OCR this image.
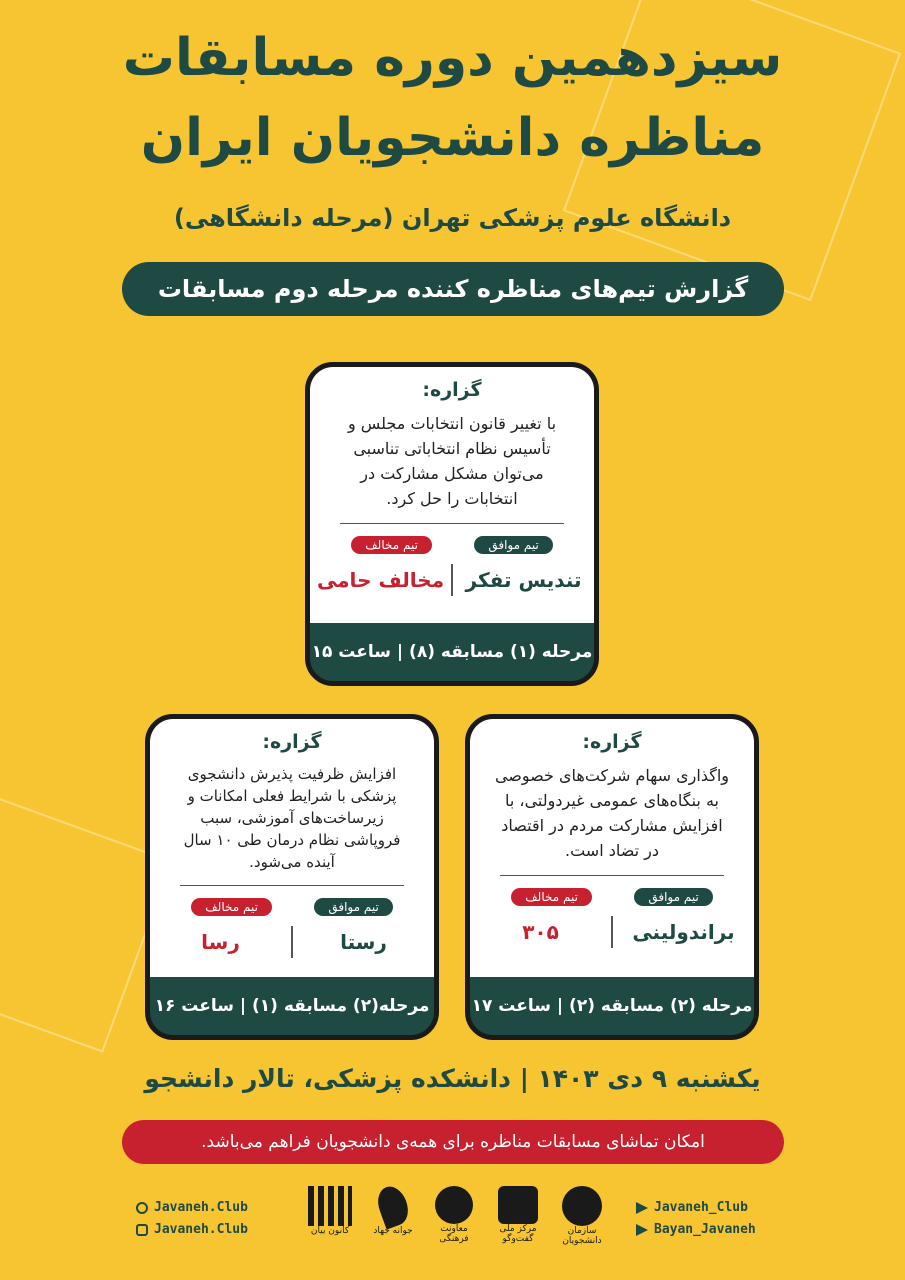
سیزدهمین دوره مسابقات
مناظره دانشجویان ایران
دانشگاه علوم پزشکی تهران (مرحله دانشگاهی)
گزارش تیم‌های مناظره کننده مرحله دوم مسابقات
گزاره:
با تغییر قانون انتخابات مجلس و تأسیس نظام انتخاباتی تناسبی می‌توان مشکل مشارکت در انتخابات را حل کرد.
تیم موافق
تیم مخالف
تندیس تفکر
مخالف حامی
مرحله (۱) مسابقه (۸) | ساعت ۱۵
گزاره:
واگذاری سهام شرکت‌های خصوصی به بنگاه‌های عمومی غیردولتی، با افزایش مشارکت مردم در اقتصاد در تضاد است.
تیم موافق
تیم مخالف
براندولینی
۳۰۵
مرحله (۲) مسابقه (۲) | ساعت ۱۷
گزاره:
افزایش ظرفیت پذیرش دانشجوی پزشکی با شرایط فعلی امکانات و زیرساخت‌های آموزشی، سبب فروپاشی نظام درمان طی ۱۰ سال آینده می‌شود.
تیم موافق
تیم مخالف
رستا
رسا
مرحله(۲) مسابقه (۱) | ساعت ۱۶
یکشنبه ۹ دی ۱۴۰۳ | دانشکده پزشکی، تالار دانشجو
امکان تماشای مسابقات مناظره برای همه‌ی دانشجویان فراهم می‌باشد.
Javaneh.Club
Javaneh.Club
Javaneh_Club
Bayan_Javaneh
کانون بیان	جوانه جهاد	معاونت فرهنگی
مرکز ملی گفت‌وگو
سازمان دانشجویان
